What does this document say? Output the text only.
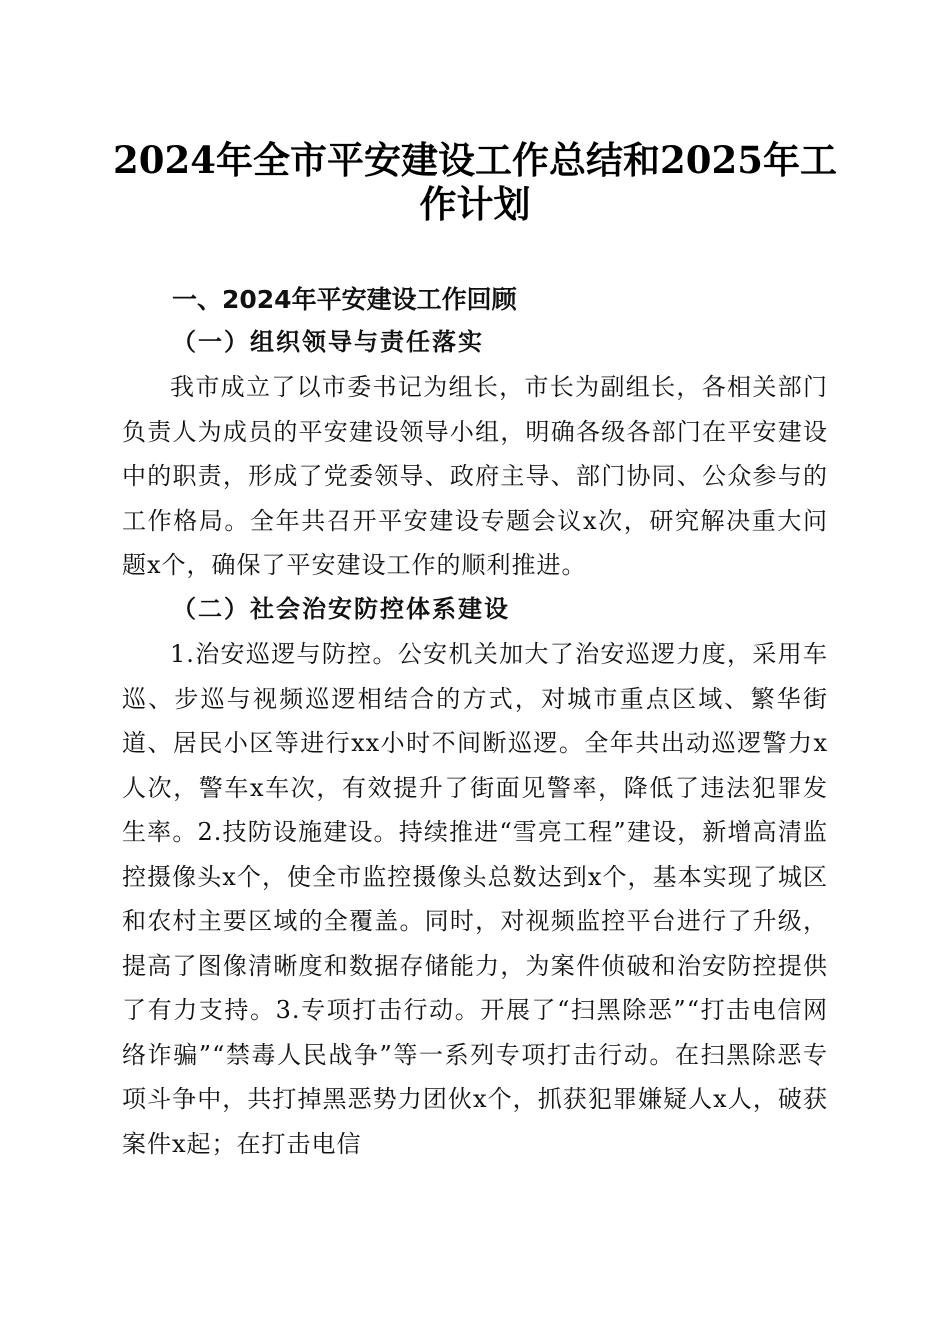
2024年全市平安建设工作总结和2025年工作计划
一、2024年平安建设工作回顾
（一）组织领导与责任落实

我市成立了以市委书记为组长，市长为副组长，各相关部门负责人为成员的平安建设领导小组，明确各级各部门在平安建设中的职责，形成了党委领导、政府主导、部门协同、公众参与的工作格局。全年共召开平安建设专题会议x次，研究解决重大问题x个，确保了平安建设工作的顺利推进。

（二）社会治安防控体系建设

1.治安巡逻与防控。公安机关加大了治安巡逻力度，采用车巡、步巡与视频巡逻相结合的方式，对城市重点区域、繁华街道、居民小区等进行xx小时不间断巡逻。全年共出动巡逻警力x人次，警车x车次，有效提升了街面见警率，降低了违法犯罪发生率。2.技防设施建设。持续推进“雪亮工程”建设，新增高清监控摄像头x个，使全市监控摄像头总数达到x个，基本实现了城区和农村主要区域的全覆盖。同时，对视频监控平台进行了升级，提高了图像清晰度和数据存储能力，为案件侦破和治安防控提供了有力支持。3.专项打击行动。开展了“扫黑除恶”“打击电信网络诈骗”“禁毒人民战争”等一系列专项打击行动。在扫黑除恶专项斗争中，共打掉黑恶势力团伙x个，抓获犯罪嫌疑人x人，破获案件x起；在打击电信
